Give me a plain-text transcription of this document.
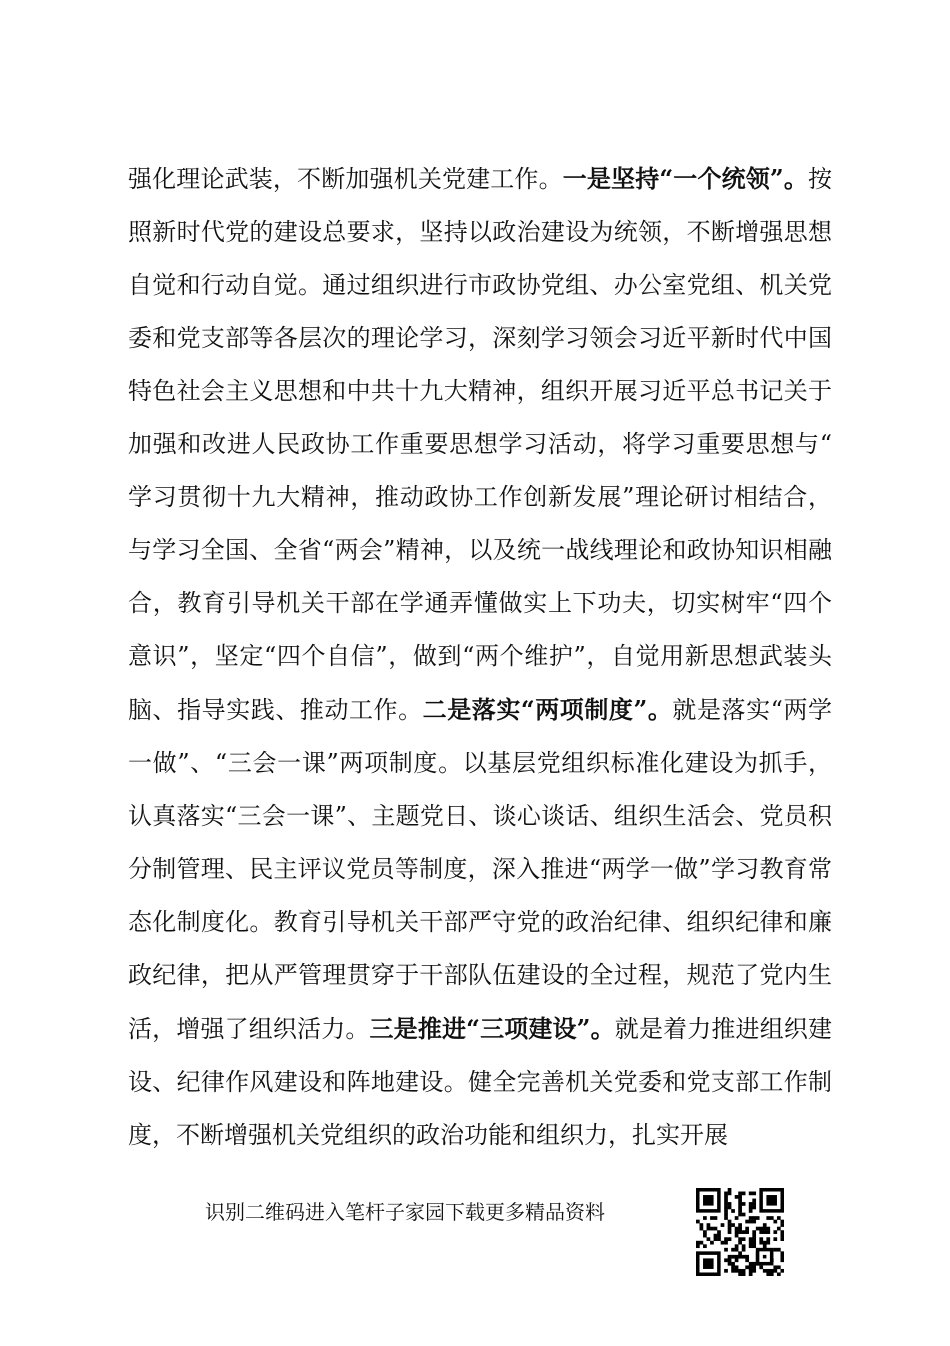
强化理论武装，不断加强机关党建工作。一是坚持“一个统领”。按照新时代党的建设总要求，坚持以政治建设为统领，不断增强思想自觉和行动自觉。通过组织进行市政协党组、办公室党组、机关党委和党支部等各层次的理论学习，深刻学习领会习近平新时代中国特色社会主义思想和中共十九大精神，组织开展习近平总书记关于加强和改进人民政协工作重要思想学习活动，将学习重要思想与“学习贯彻十九大精神，推动政协工作创新发展”理论研讨相结合，与学习全国、全省“两会”精神，以及统一战线理论和政协知识相融合，教育引导机关干部在学通弄懂做实上下功夫，切实树牢“四个意识”，坚定“四个自信”，做到“两个维护”，自觉用新思想武装头脑、指导实践、推动工作。二是落实“两项制度”。就是落实“两学一做”、“三会一课”两项制度。以基层党组织标准化建设为抓手，认真落实“三会一课”、主题党日、谈心谈话、组织生活会、党员积分制管理、民主评议党员等制度，深入推进“两学一做”学习教育常态化制度化。教育引导机关干部严守党的政治纪律、组织纪律和廉政纪律，把从严管理贯穿于干部队伍建设的全过程，规范了党内生活，增强了组织活力。三是推进“三项建设”。就是着力推进组织建设、纪律作风建设和阵地建设。健全完善机关党委和党支部工作制度，不断增强机关党组织的政治功能和组织力，扎实开展

识别二维码进入笔杆子家园下载更多精品资料
